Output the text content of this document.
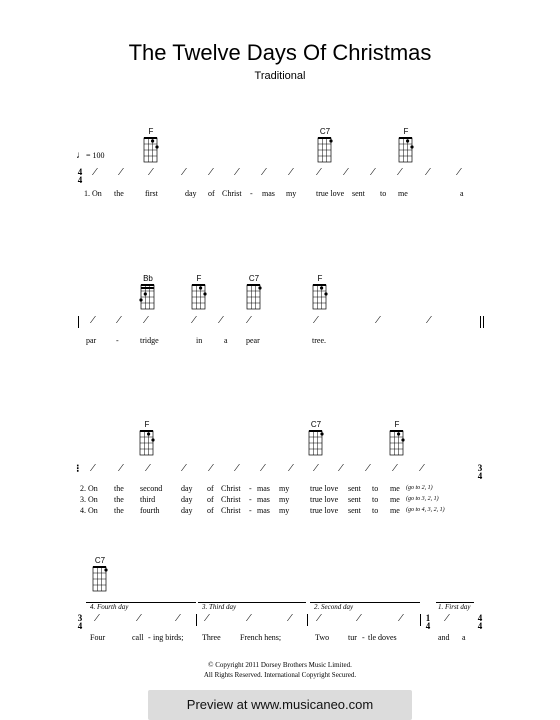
The Twelve Days Of Christmas
Traditional
♩= 100
F	C7	F
4
4
⁄ ⁄	⁄	⁄ ⁄ ⁄ ⁄ ⁄ ⁄ ⁄ ⁄ ⁄ ⁄	⁄
1. On the	first	day of Christ - mas my true love sent to me	a
Bb	F	C7	F
⁄ ⁄ ⁄	⁄ ⁄ ⁄	⁄	⁄	⁄
par -	tridge	in	a pear	tree.
F	C7	F
⁝ ⁄ ⁄ ⁄	⁄ ⁄ ⁄ ⁄ ⁄ ⁄ ⁄ ⁄ ⁄ ⁄	3
4
2. On the second day of Christ - mas my	true love sent to me (go to 2, 1)
3. On the third	day of Christ - mas my	true love sent to me (go to 3, 2, 1)
4. On the fourth	day of Christ - mas my	true love sent to me (go to 4, 3, 2, 1)
C7
4. Fourth day	3. Third day	2. Second day	1. First day
3
4
⁄	⁄	⁄ ⁄	⁄	⁄ ⁄	⁄	⁄	1
4
⁄	4
4
Four	call - ing birds; Three French hens;	Two tur - tle doves	and a
© Copyright 2011 Dorsey Brothers Music Limited.
All Rights Reserved. International Copyright Secured.
Preview at www.musicaneo.com
